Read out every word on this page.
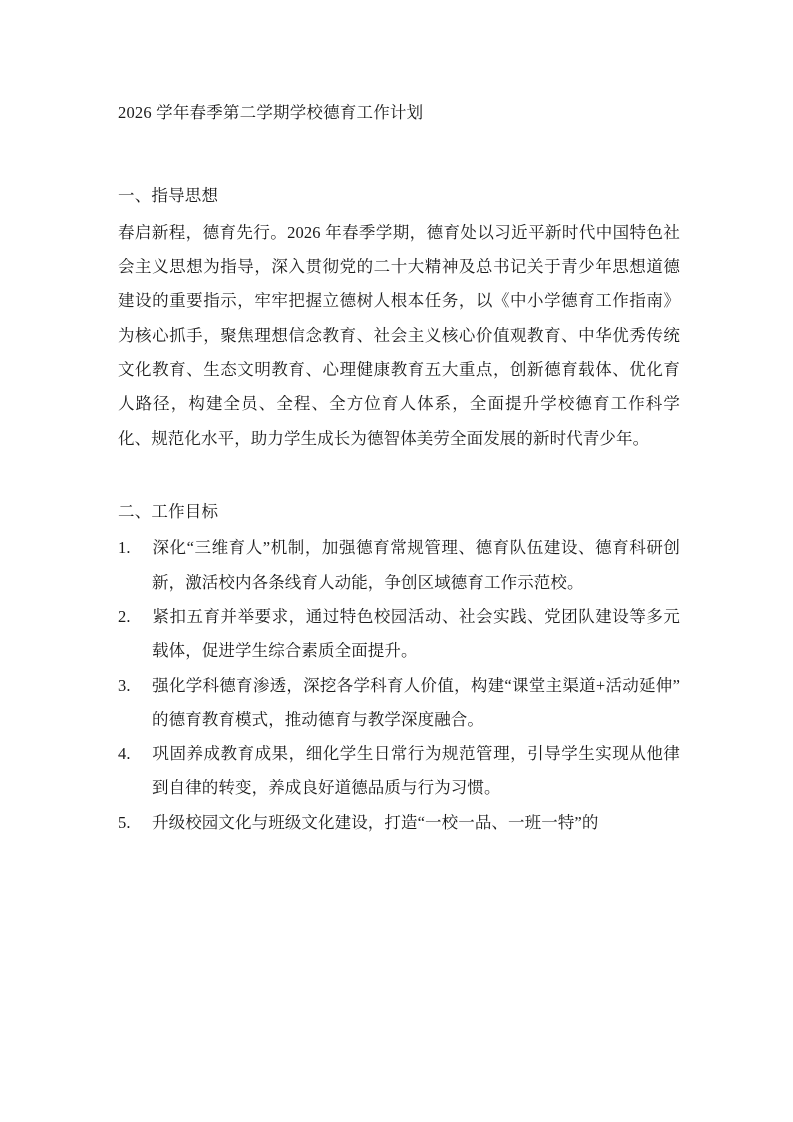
2026 学年春季第二学期学校德育工作计划
一、指导思想

春启新程，德育先行。2026 年春季学期，德育处以习近平新时代中国特色社会主义思想为指导，深入贯彻党的二十大精神及总书记关于青少年思想道德建设的重要指示，牢牢把握立德树人根本任务，以《中小学德育工作指南》为核心抓手，聚焦理想信念教育、社会主义核心价值观教育、中华优秀传统文化教育、生态文明教育、心理健康教育五大重点，创新德育载体、优化育人路径，构建全员、全程、全方位育人体系，全面提升学校德育工作科学化、规范化水平，助力学生成长为德智体美劳全面发展的新时代青少年。

二、工作目标
1. 深化“三维育人”机制，加强德育常规管理、德育队伍建设、德育科研创新，激活校内各条线育人动能，争创区域德育工作示范校。
2. 紧扣五育并举要求，通过特色校园活动、社会实践、党团队建设等多元载体，促进学生综合素质全面提升。
3. 强化学科德育渗透，深挖各学科育人价值，构建“课堂主渠道+活动延伸”的德育教育模式，推动德育与教学深度融合。
4. 巩固养成教育成果，细化学生日常行为规范管理，引导学生实现从他律到自律的转变，养成良好道德品质与行为习惯。
5. 升级校园文化与班级文化建设，打造“一校一品、一班一特”的
